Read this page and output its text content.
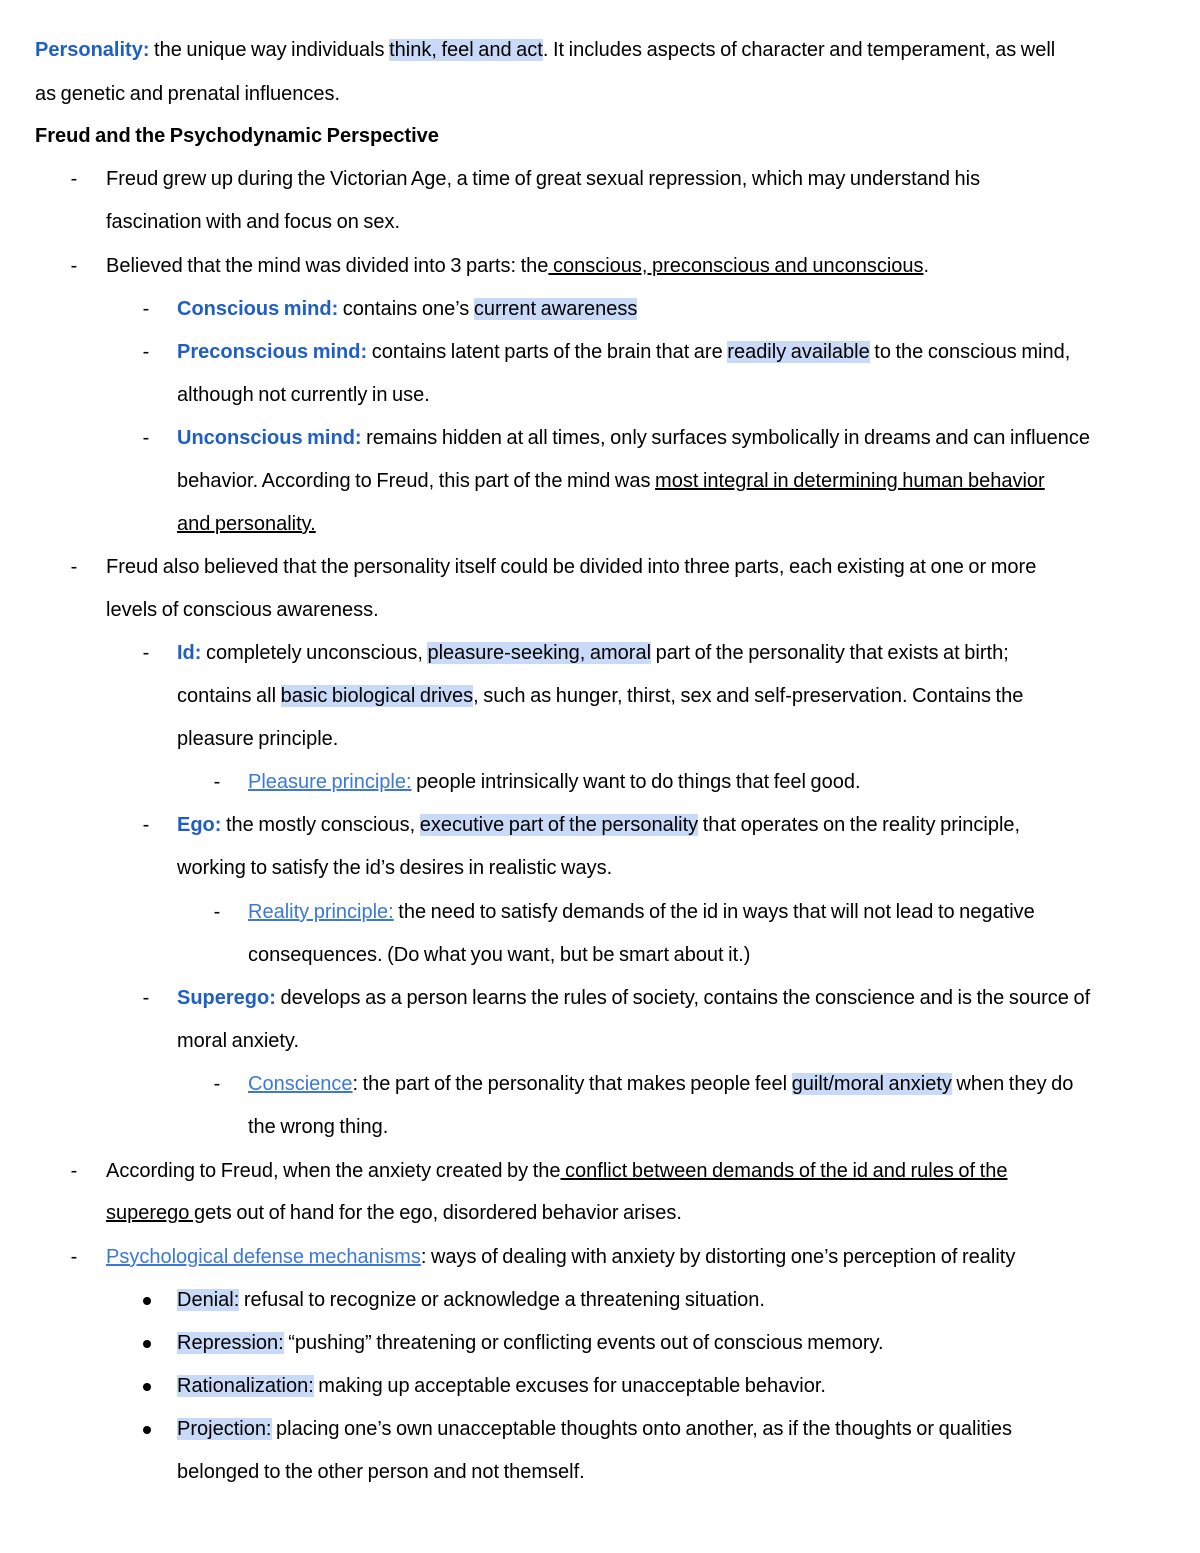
Personality: the unique way individuals think, feel and act. It includes aspects of character and temperament, as well
as genetic and prenatal influences.
Freud and the Psychodynamic Perspective
- Freud grew up during the Victorian Age, a time of great sexual repression, which may understand his
fascination with and focus on sex.
- Believed that the mind was divided into 3 parts: the conscious, preconscious and unconscious.
- Conscious mind: contains one’s current awareness
- Preconscious mind: contains latent parts of the brain that are readily available to the conscious mind,
although not currently in use.
- Unconscious mind: remains hidden at all times, only surfaces symbolically in dreams and can influence
behavior. According to Freud, this part of the mind was most integral in determining human behavior
and personality.
- Freud also believed that the personality itself could be divided into three parts, each existing at one or more
levels of conscious awareness.
- Id: completely unconscious, pleasure-seeking, amoral part of the personality that exists at birth;
contains all basic biological drives, such as hunger, thirst, sex and self-preservation. Contains the
pleasure principle.
- Pleasure principle: people intrinsically want to do things that feel good.
- Ego: the mostly conscious, executive part of the personality that operates on the reality principle,
working to satisfy the id’s desires in realistic ways.
- Reality principle: the need to satisfy demands of the id in ways that will not lead to negative
consequences. (Do what you want, but be smart about it.)
- Superego: develops as a person learns the rules of society, contains the conscience and is the source of
moral anxiety.
- Conscience: the part of the personality that makes people feel guilt/moral anxiety when they do
the wrong thing.
- According to Freud, when the anxiety created by the conflict between demands of the id and rules of the
superego gets out of hand for the ego, disordered behavior arises.
- Psychological defense mechanisms: ways of dealing with anxiety by distorting one’s perception of reality
Denial: refusal to recognize or acknowledge a threatening situation.
Repression: “pushing” threatening or conflicting events out of conscious memory.
Rationalization: making up acceptable excuses for unacceptable behavior.
Projection: placing one’s own unacceptable thoughts onto another, as if the thoughts or qualities
belonged to the other person and not themself.
